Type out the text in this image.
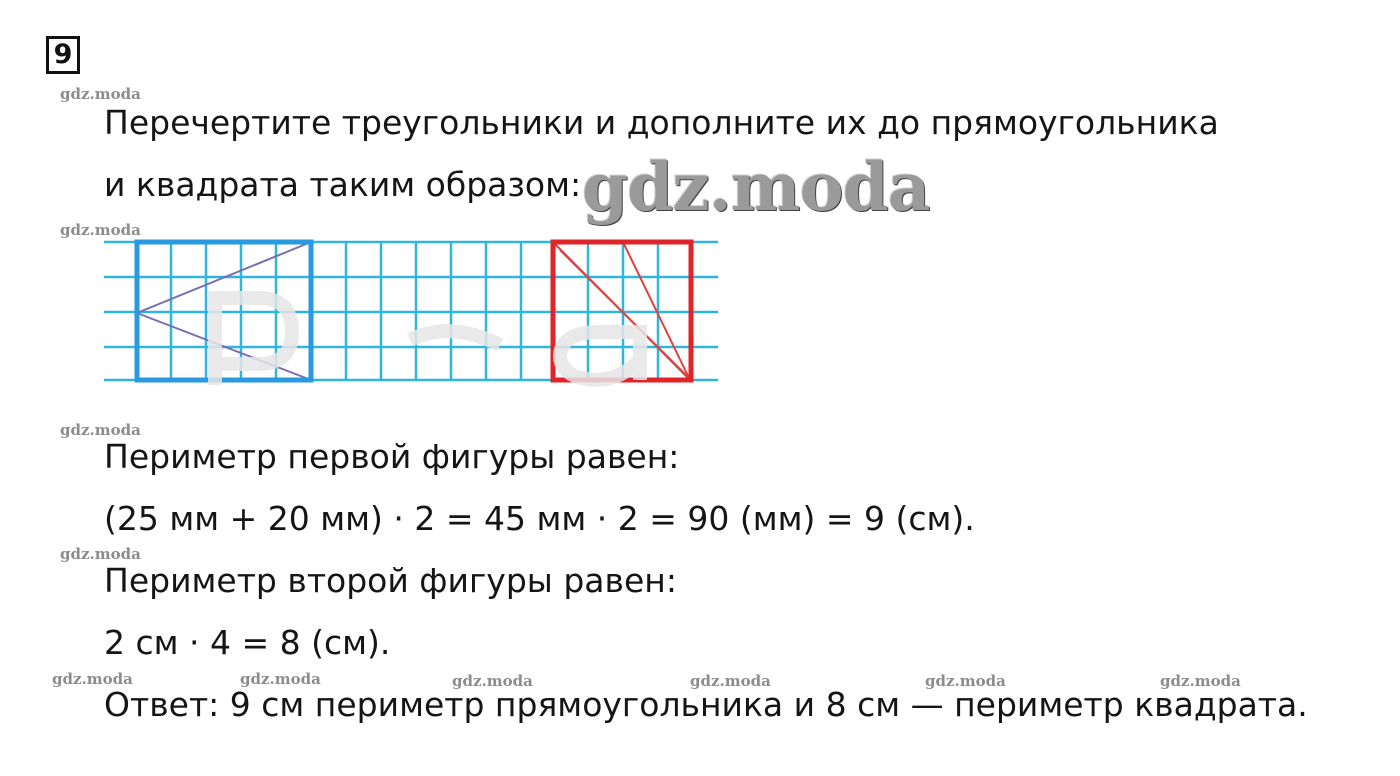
9
gdz.moda
gdz.moda
gdz.moda
gdz.moda
gdz.moda	gdz.moda	gdz.moda	gdz.moda	gdz.moda	gdz.moda
Перечертите треугольники и дополните их до прямоугольника
и квадрата таким образом: gdz.moda
Периметр первой фигуры равен:
(25 мм + 20 мм) · 2 = 45 мм · 2 = 90 (мм) = 9 (см).
Периметр второй фигуры равен:
2 см · 4 = 8 (см).
Ответ: 9 см периметр прямоугольника и 8 см — периметр квадрата.
